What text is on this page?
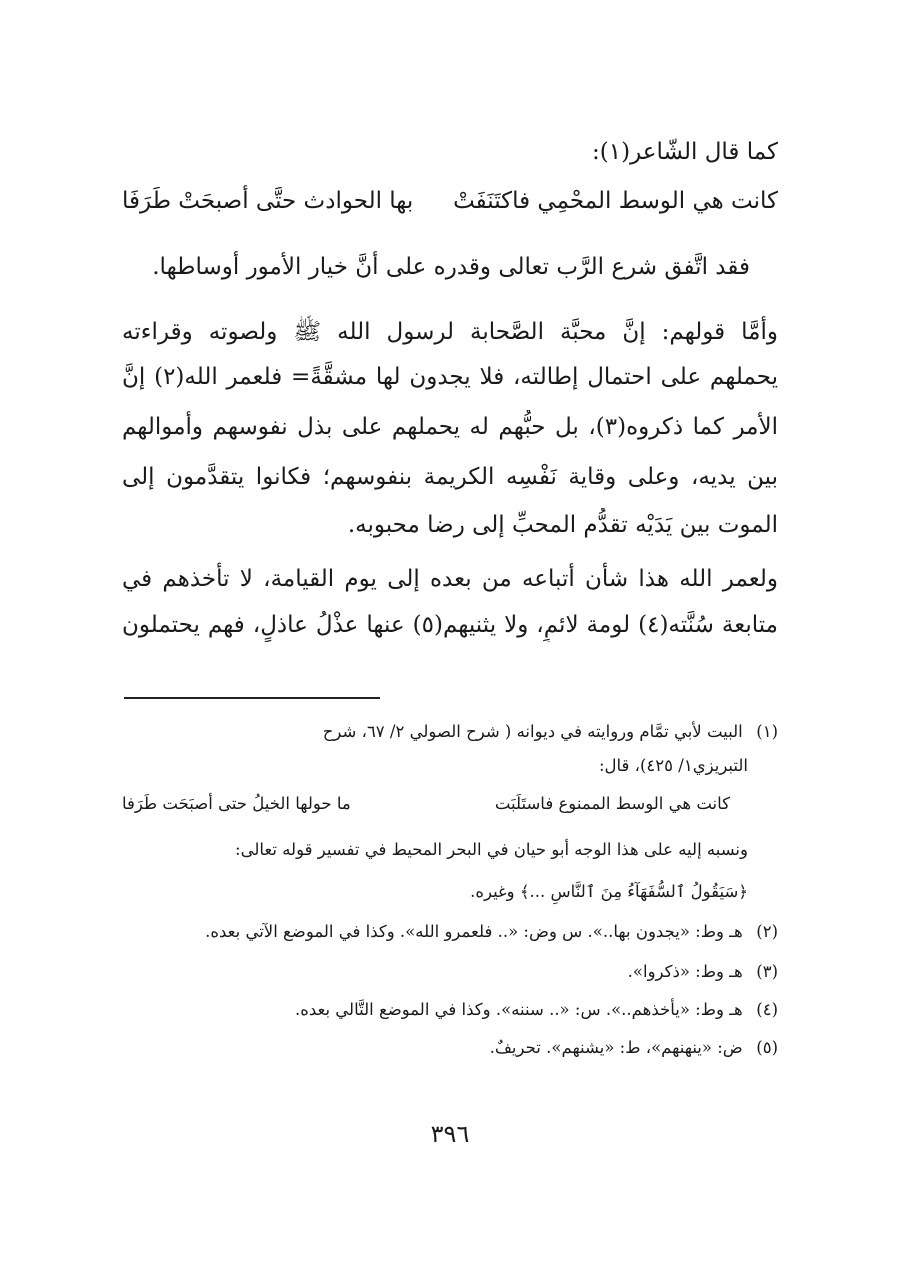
كما قال الشّاعر(١):
كانت هي الوسط المحْمِي فاكتَنَفَتْ
بها الحوادث حتَّى أصبحَتْ طَرَفَا
فقد اتَّفق شرع الرَّب تعالى وقدره على أنَّ خيار الأمور أوساطها.
وأمَّا قولهم: إنَّ محبَّة الصَّحابة لرسول الله ﷺ ولصوته وقراءته
يحملهم على احتمال إطالته، فلا يجدون لها مشقَّةً= فلعمر الله(٢) إنَّ
الأمر كما ذكروه(٣)، بل حبُّهم له يحملهم على بذل نفوسهم وأموالهم
بين يديه، وعلى وقاية نَفْسِه الكريمة بنفوسهم؛ فكانوا يتقدَّمون إلى
الموت بين يَدَيْه تقدُّم المحبِّ إلى رضا محبوبه.
ولعمر الله هذا شأن أتباعه من بعده إلى يوم القيامة، لا تأخذهم في
متابعة سُنَّته(٤) لومة لائمٍ، ولا يثنيهم(٥) عنها عذْلُ عاذلٍ، فهم يحتملون
(١) البيت لأبي تمَّام وروايته في ديوانه ( شرح الصولي ٢/ ٦٧، شرح
التبريزي١/ ٤٢٥)، قال:
كانت هي الوسط الممنوع فاستَلَبَت
ما حولها الخيلُ حتى أصبَحَت طَرَفا
ونسبه إليه على هذا الوجه أبو حيان في البحر المحيط في تفسير قوله تعالى:
﴿سَيَقُولُ ٱلسُّفَهَآءُ مِنَ ٱلنَّاسِ ...﴾ وغيره.
(٢) هـ وط: «يجدون بها..». س وض: «.. فلعمرو الله». وكذا في الموضع الآتي بعده.
(٣) هـ وط: «ذكروا».
(٤) هـ وط: «يأخذهم..». س: «.. سننه». وكذا في الموضع التَّالي بعده.
(٥) ض: «ينهنهم»، ط: «يشنهم». تحريفٌ.
٣٩٦
